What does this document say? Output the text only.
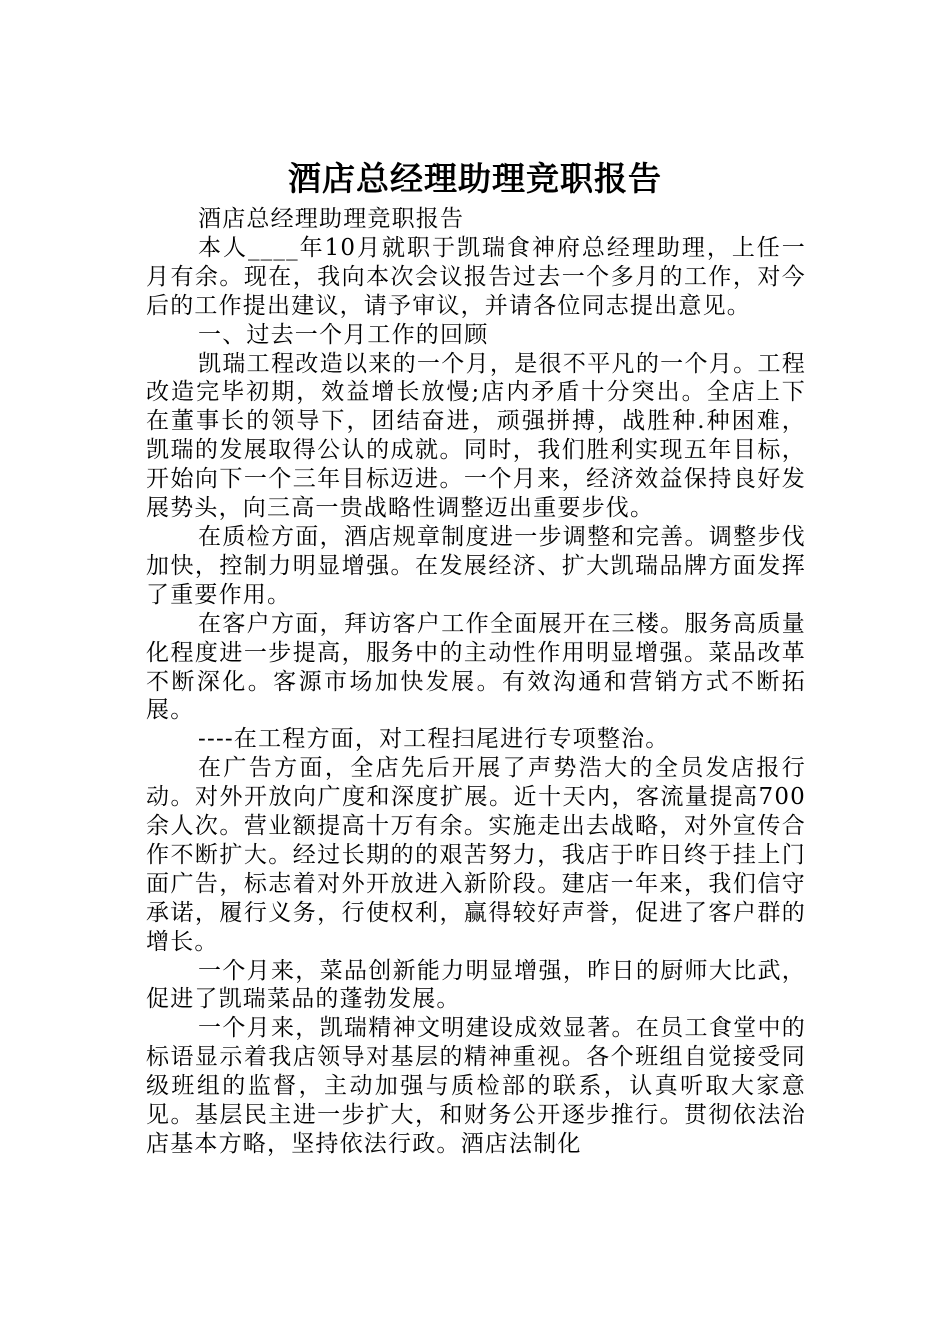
酒店总经理助理竞职报告

酒店总经理助理竞职报告

本人____年10月就职于凯瑞食神府总经理助理，上任一月有余。现在，我向本次会议报告过去一个多月的工作，对今后的工作提出建议，请予审议，并请各位同志提出意见。

一、过去一个月工作的回顾

凯瑞工程改造以来的一个月，是很不平凡的一个月。工程改造完毕初期，效益增长放慢;店内矛盾十分突出。全店上下在董事长的领导下，团结奋进，顽强拼搏，战胜种.种困难，凯瑞的发展取得公认的成就。同时，我们胜利实现五年目标，开始向下一个三年目标迈进。一个月来，经济效益保持良好发展势头，向三高一贵战略性调整迈出重要步伐。

在质检方面，酒店规章制度进一步调整和完善。调整步伐加快，控制力明显增强。在发展经济、扩大凯瑞品牌方面发挥了重要作用。

在客户方面，拜访客户工作全面展开在三楼。服务高质量化程度进一步提高，服务中的主动性作用明显增强。菜品改革不断深化。客源市场加快发展。有效沟通和营销方式不断拓展。

----在工程方面，对工程扫尾进行专项整治。

在广告方面，全店先后开展了声势浩大的全员发店报行动。对外开放向广度和深度扩展。近十天内，客流量提高700余人次。营业额提高十万有余。实施走出去战略，对外宣传合作不断扩大。经过长期的的艰苦努力，我店于昨日终于挂上门面广告，标志着对外开放进入新阶段。建店一年来，我们信守承诺，履行义务，行使权利，赢得较好声誉，促进了客户群的增长。

一个月来，菜品创新能力明显增强，昨日的厨师大比武，促进了凯瑞菜品的蓬勃发展。

一个月来，凯瑞精神文明建设成效显著。在员工食堂中的标语显示着我店领导对基层的精神重视。各个班组自觉接受同级班组的监督，主动加强与质检部的联系，认真听取大家意见。基层民主进一步扩大，和财务公开逐步推行。贯彻依法治店基本方略，坚持依法行政。酒店法制化
